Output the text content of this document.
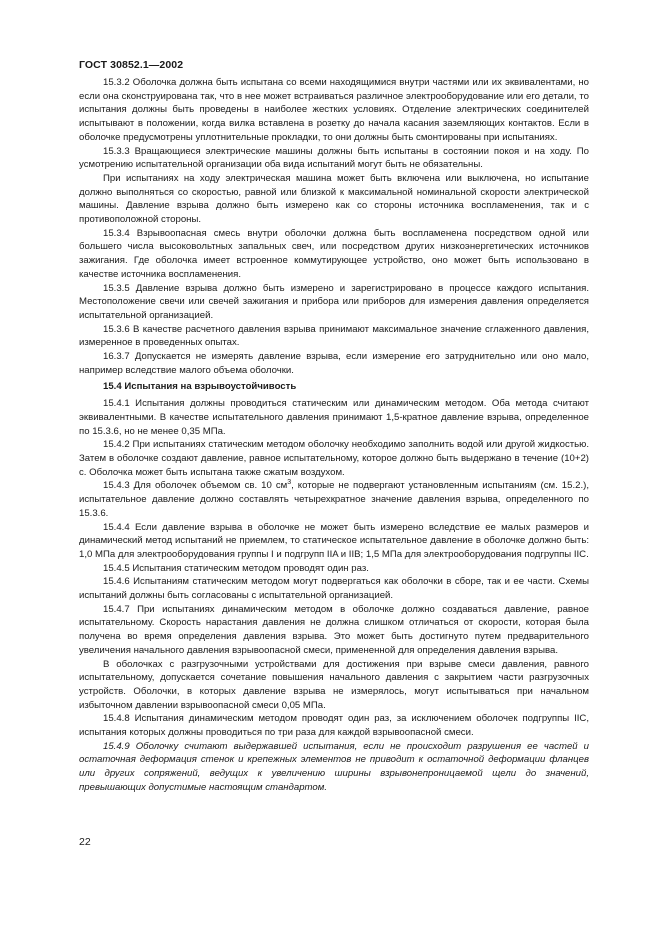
ГОСТ 30852.1—2002

15.3.2 Оболочка должна быть испытана со всеми находящимися внутри частями или их эквивалентами, но если она сконструирована так, что в нее может встраиваться различное электрооборудование или его детали, то испытания должны быть проведены в наиболее жестких условиях. Отделение электрических соединителей испытывают в положении, когда вилка вставлена в розетку до начала касания заземляющих контактов. Если в оболочке предусмотрены уплотнительные прокладки, то они должны быть смонтированы при испытаниях.

15.3.3 Вращающиеся электрические машины должны быть испытаны в состоянии покоя и на ходу. По усмотрению испытательной организации оба вида испытаний могут быть не обязательны.

При испытаниях на ходу электрическая машина может быть включена или выключена, но испытание должно выполняться со скоростью, равной или близкой к максимальной номинальной скорости электрической машины. Давление взрыва должно быть измерено как со стороны источника воспламенения, так и с противоположной стороны.

15.3.4 Взрывоопасная смесь внутри оболочки должна быть воспламенена посредством одной или большего числа высоковольтных запальных свеч, или посредством других низкоэнергетических источников зажигания. Где оболочка имеет встроенное коммутирующее устройство, оно может быть использовано в качестве источника воспламенения.

15.3.5 Давление взрыва должно быть измерено и зарегистрировано в процессе каждого испытания. Местоположение свечи или свечей зажигания и прибора или приборов для измерения давления определяется испытательной организацией.

15.3.6 В качестве расчетного давления взрыва принимают максимальное значение сглаженного давления, измеренное в проведенных опытах.

16.3.7 Допускается не измерять давление взрыва, если измерение его затруднительно или оно мало, например вследствие малого объема оболочки.

15.4 Испытания на взрывоустойчивость

15.4.1 Испытания должны проводиться статическим или динамическим методом. Оба метода считают эквивалентными. В качестве испытательного давления принимают 1,5-кратное давление взрыва, определенное по 15.3.6, но не менее 0,35 МПа.

15.4.2 При испытаниях статическим методом оболочку необходимо заполнить водой или другой жидкостью. Затем в оболочке создают давление, равное испытательному, которое должно быть выдержано в течение (10+2) с. Оболочка может быть испытана также сжатым воздухом.

15.4.3 Для оболочек объемом св. 10 $см^3$, которые не подвергают установленным испытаниям (см. 15.2.), испытательное давление должно составлять четырехкратное значение давления взрыва, определенного по 15.3.6.

15.4.4 Если давление взрыва в оболочке не может быть измерено вследствие ее малых размеров и динамический метод испытаний не приемлем, то статическое испытательное давление в оболочке должно быть: 1,0 МПа для электрооборудования группы I и подгрупп IIA и IIB; 1,5 МПа для электрооборудования подгруппы IIC.

15.4.5 Испытания статическим методом проводят один раз.

15.4.6 Испытаниям статическим методом могут подвергаться как оболочки в сборе, так и ее части. Схемы испытаний должны быть согласованы с испытательной организацией.

15.4.7 При испытаниях динамическим методом в оболочке должно создаваться давление, равное испытательному. Скорость нарастания давления не должна слишком отличаться от скорости, которая была получена во время определения давления взрыва. Это может быть достигнуто путем предварительного увеличения начального давления взрывоопасной смеси, примененной для определения давления взрыва.

В оболочках с разгрузочными устройствами для достижения при взрыве смеси давления, равного испытательному, допускается сочетание повышения начального давления с закрытием части разгрузочных устройств. Оболочки, в которых давление взрыва не измерялось, могут испытываться при начальном избыточном давлении взрывоопасной смеси 0,05 МПа.

15.4.8 Испытания динамическим методом проводят один раз, за исключением оболочек подгруппы IIC, испытания которых должны проводиться по три раза для каждой взрывоопасной смеси.

15.4.9 Оболочку считают выдержавшей испытания, если не происходит разрушения ее частей и остаточная деформация стенок и крепежных элементов не приводит к остаточной деформации фланцев или других сопряжений, ведущих к увеличению ширины взрывонепроницаемой щели до значений, превышающих допустимые настоящим стандартом.

22
